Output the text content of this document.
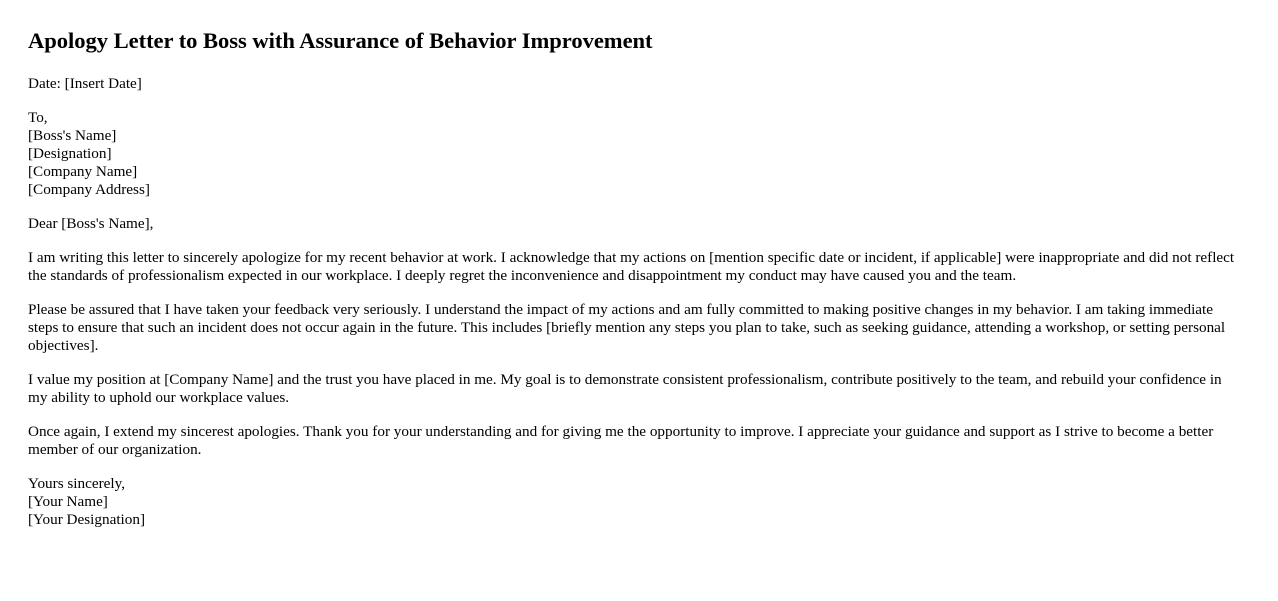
Apology Letter to Boss with Assurance of Behavior Improvement

Date: [Insert Date]

To,
[Boss's Name]
[Designation]
[Company Name]
[Company Address]

Dear [Boss's Name],

I am writing this letter to sincerely apologize for my recent behavior at work. I acknowledge that my actions on [mention specific date or incident, if applicable] were inappropriate and did not reflect the standards of professionalism expected in our workplace. I deeply regret the inconvenience and disappointment my conduct may have caused you and the team.

Please be assured that I have taken your feedback very seriously. I understand the impact of my actions and am fully committed to making positive changes in my behavior. I am taking immediate steps to ensure that such an incident does not occur again in the future. This includes [briefly mention any steps you plan to take, such as seeking guidance, attending a workshop, or setting personal objectives].

I value my position at [Company Name] and the trust you have placed in me. My goal is to demonstrate consistent professionalism, contribute positively to the team, and rebuild your confidence in my ability to uphold our workplace values.

Once again, I extend my sincerest apologies. Thank you for your understanding and for giving me the opportunity to improve. I appreciate your guidance and support as I strive to become a better member of our organization.

Yours sincerely,
[Your Name]
[Your Designation]
